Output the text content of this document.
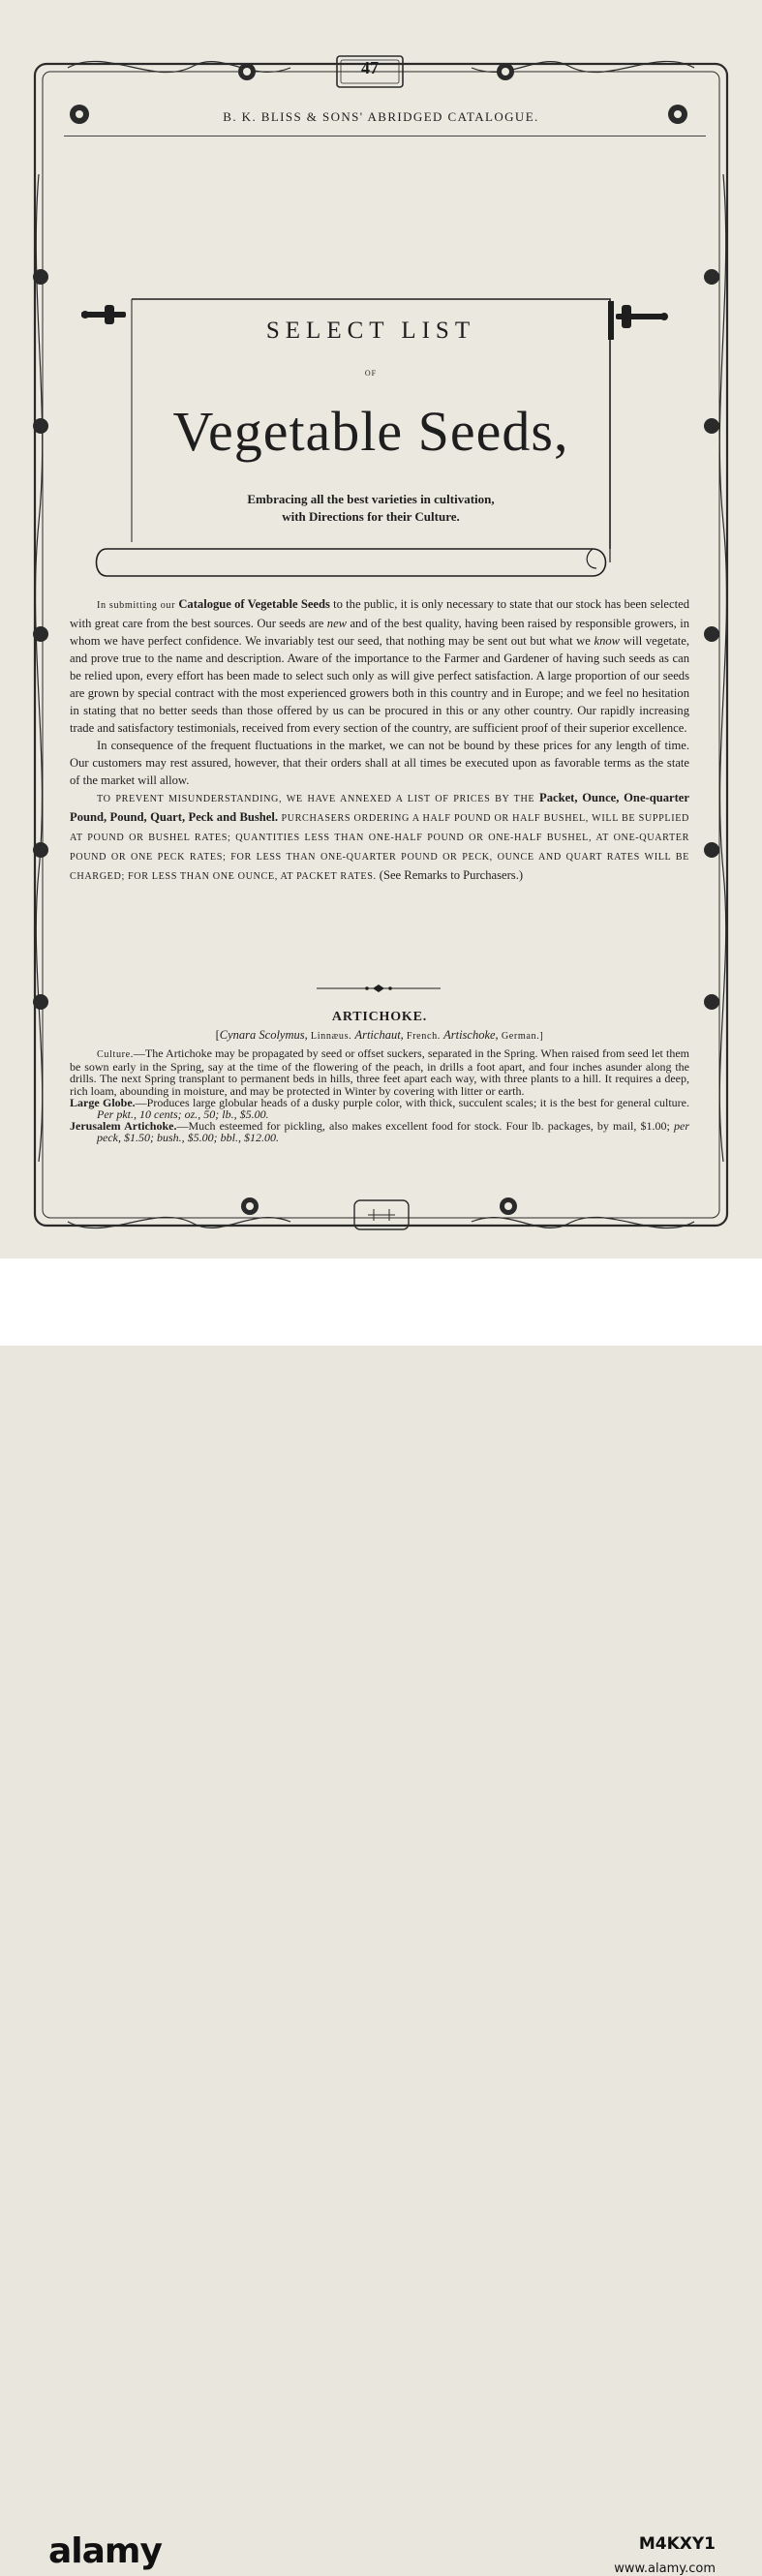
47
B. K. BLISS & SONS' ABRIDGED CATALOGUE.
SELECT LIST
OF
Vegetable Seeds,
Embracing all the best varieties in cultivation,
with Directions for their Culture.

In submitting our Catalogue of Vegetable Seeds to the public, it is only necessary to state that our stock has been selected with great care from the best sources. Our seeds are new and of the best quality, having been raised by responsible growers, in whom we have perfect confidence. We invariably test our seed, that nothing may be sent out but what we know will vegetate, and prove true to the name and description. Aware of the importance to the Farmer and Gardener of having such seeds as can be relied upon, every effort has been made to select such only as will give perfect satisfaction. A large proportion of our seeds are grown by special contract with the most experienced growers both in this country and in Europe; and we feel no hesitation in stating that no better seeds than those offered by us can be procured in this or any other country. Our rapidly increasing trade and satisfactory testimonials, received from every section of the country, are sufficient proof of their superior excellence.

In consequence of the frequent fluctuations in the market, we can not be bound by these prices for any length of time. Our customers may rest assured, however, that their orders shall at all times be executed upon as favorable terms as the state of the market will allow.

TO PREVENT MISUNDERSTANDING, WE HAVE ANNEXED A LIST OF PRICES BY THE Packet, Ounce, One-quarter Pound, Pound, Quart, Peck and Bushel. PURCHASERS ORDERING A HALF POUND OR HALF BUSHEL, WILL BE SUPPLIED AT POUND OR BUSHEL RATES; QUANTITIES LESS THAN ONE-HALF POUND OR ONE-HALF BUSHEL, AT ONE-QUARTER POUND OR ONE PECK RATES; FOR LESS THAN ONE-QUARTER POUND OR PECK, OUNCE AND QUART RATES WILL BE CHARGED; FOR LESS THAN ONE OUNCE, AT PACKET RATES. (See Remarks to Purchasers.)

ARTICHOKE.
[Cynara Scolymus, Linnæus. Artichaut, French. Artischoke, German.]

Culture.—The Artichoke may be propagated by seed or offset suckers, separated in the Spring. When raised from seed let them be sown early in the Spring, say at the time of the flowering of the peach, in drills a foot apart, and four inches asunder along the drills. The next Spring transplant to permanent beds in hills, three feet apart each way, with three plants to a hill. It requires a deep, rich loam, abounding in moisture, and may be protected in Winter by covering with litter or earth.

Large Globe.—Produces large globular heads of a dusky purple color, with thick, succulent scales; it is the best for general culture. Per pkt., 10 cents; oz., 50; lb., $5.00.

Jerusalem Artichoke.—Much esteemed for pickling, also makes excellent food for stock. Four lb. packages, by mail, $1.00; per peck, $1.50; bush., $5.00; bbl., $12.00.

alamy	M4KXY1
www.alamy.com
